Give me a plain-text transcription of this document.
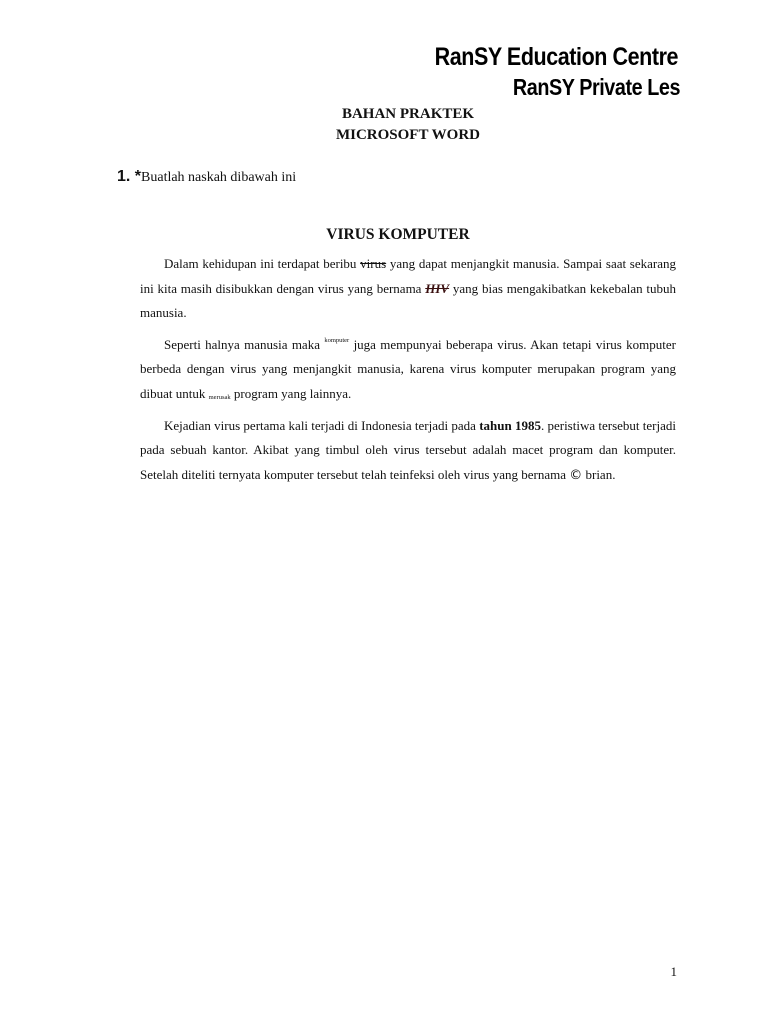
RanSY Education Centre
RanSY Private Les
BAHAN PRAKTEK
MICROSOFT WORD
1. *Buatlah naskah dibawah ini
VIRUS KOMPUTER

Dalam kehidupan ini terdapat beribu virus yang dapat menjangkit manusia. Sampai saat sekarang ini kita masih disibukkan dengan virus yang bernama HIV yang bias mengakibatkan kekebalan tubuh manusia.

Seperti halnya manusia maka $^{komputer}$ juga mempunyai beberapa virus. Akan tetapi virus komputer berbeda dengan virus yang menjangkit manusia, karena virus komputer merupakan program yang dibuat untuk merusak program yang lainnya.

Kejadian virus pertama kali terjadi di Indonesia terjadi pada tahun 1985. peristiwa tersebut terjadi pada sebuah kantor. Akibat yang timbul oleh virus tersebut adalah macet program dan komputer. Setelah diteliti ternyata komputer tersebut telah teinfeksi oleh virus yang bernama © brian.

1
